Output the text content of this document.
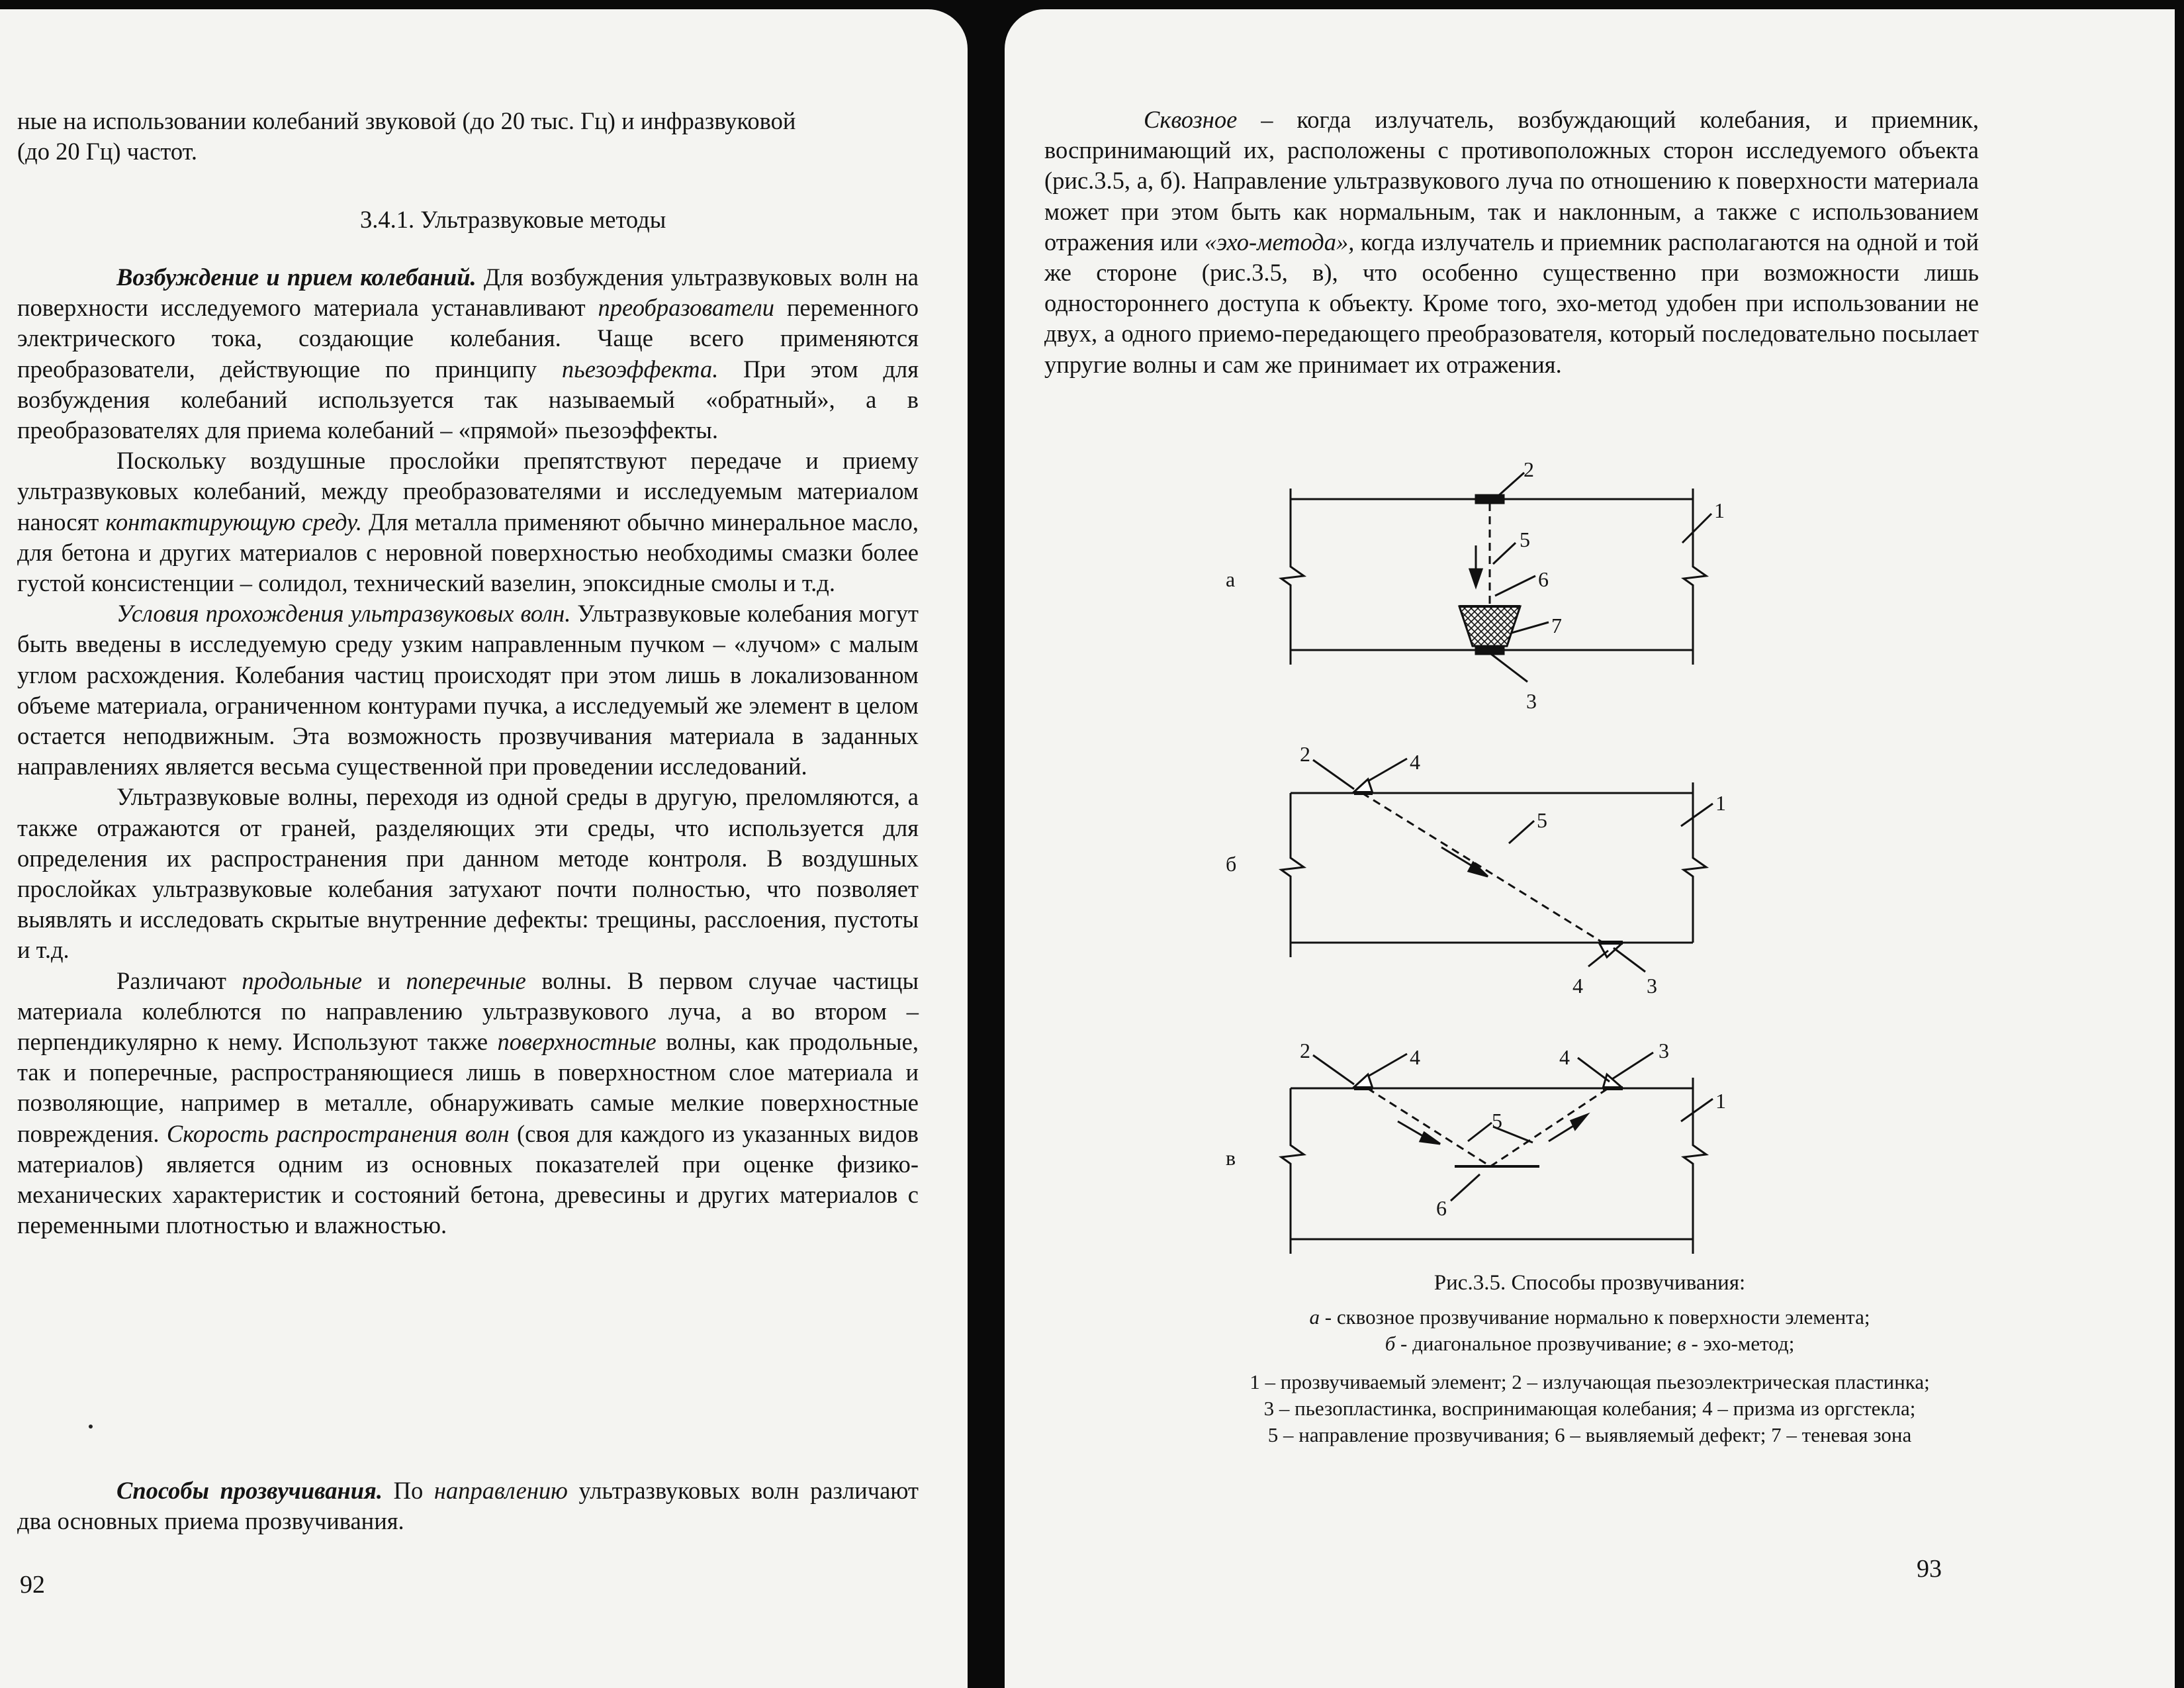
ные на использовании колебаний звуковой (до 20 тыс. Гц) и инфразвуковой
(до 20 Гц) частот.
3.4.1. Ультразвуковые методы

Возбуждение и прием колебаний. Для возбуждения ультразвуковых волн на поверхности исследуемого материала устанавливают преобразователи переменного электрического тока, создающие колебания. Чаще всего применяются преобразователи, действующие по принципу пьезоэффекта. При этом для возбуждения колебаний используется так называемый «обратный», а в преобразователях для приема колебаний – «прямой» пьезоэффекты.

Поскольку воздушные прослойки препятствуют передаче и приему ультразвуковых колебаний, между преобразователями и исследуемым материалом наносят контактирующую среду. Для металла применяют обычно минеральное масло, для бетона и других материалов с неровной поверхностью необходимы смазки более густой консистенции – солидол, технический вазелин, эпоксидные смолы и т.д.

Условия прохождения ультразвуковых волн. Ультразвуковые колебания могут быть введены в исследуемую среду узким направленным пучком – «лучом» с малым углом расхождения. Колебания частиц происходят при этом лишь в локализованном объеме материала, ограниченном контурами пучка, а исследуемый же элемент в целом остается неподвижным. Эта возможность прозвучивания материала в заданных направлениях является весьма существенной при проведении исследований.

Ультразвуковые волны, переходя из одной среды в другую, преломляются, а также отражаются от граней, разделяющих эти среды, что используется для определения их распространения при данном методе контроля. В воздушных прослойках ультразвуковые колебания затухают почти полностью, что позволяет выявлять и исследовать скрытые внутренние дефекты: трещины, расслоения, пустоты и т.д.

Различают продольные и поперечные волны. В первом случае частицы материала колеблются по направлению ультразвукового луча, а во втором – перпендикулярно к нему. Используют также поверхностные волны, как продольные, так и поперечные, распространяющиеся лишь в поверхностном слое материала и позволяющие, например в металле, обнаруживать самые мелкие поверхностные повреждения. Скорость распространения волн (своя для каждого из указанных видов материалов) является одним из основных показателей при оценке физико-механических характеристик и состояний бетона, древесины и других материалов с переменными плотностью и влажностью.

Способы прозвучивания. По направлению ультразвуковых волн различают два основных приема прозвучивания.

92

Сквозное – когда излучатель, возбуждающий колебания, и приемник, воспринимающий их, расположены с противоположных сторон исследуемого объекта (рис.3.5, а, б). Направление ультразвукового луча по отношению к поверхности материала может при этом быть как нормальным, так и наклонным, а также с использованием отражения или «эхо-метода», когда излучатель и приемник располагаются на одной и той же стороне (рис.3.5, в), что особенно существенно при возможности лишь одностороннего доступа к объекту. Кроме того, эхо-метод удобен при использовании не двух, а одного приемо-передающего преобразователя, который последовательно посылает упругие волны и сам же принимает их отражения.

а
б
в
2
1
5
6
7
3
2	4
1
5
4	3
2	4	4	3
1
5
6
Рис.3.5. Способы прозвучивания:
а - сквозное прозвучивание нормально к поверхности элемента;
б - диагональное прозвучивание; в - эхо-метод;
1 – прозвучиваемый элемент; 2 – излучающая пьезоэлектрическая пластинка;
3 – пьезопластинка, воспринимающая колебания; 4 – призма из оргстекла;
5 – направление прозвучивания; 6 – выявляемый дефект; 7 – теневая зона
93
